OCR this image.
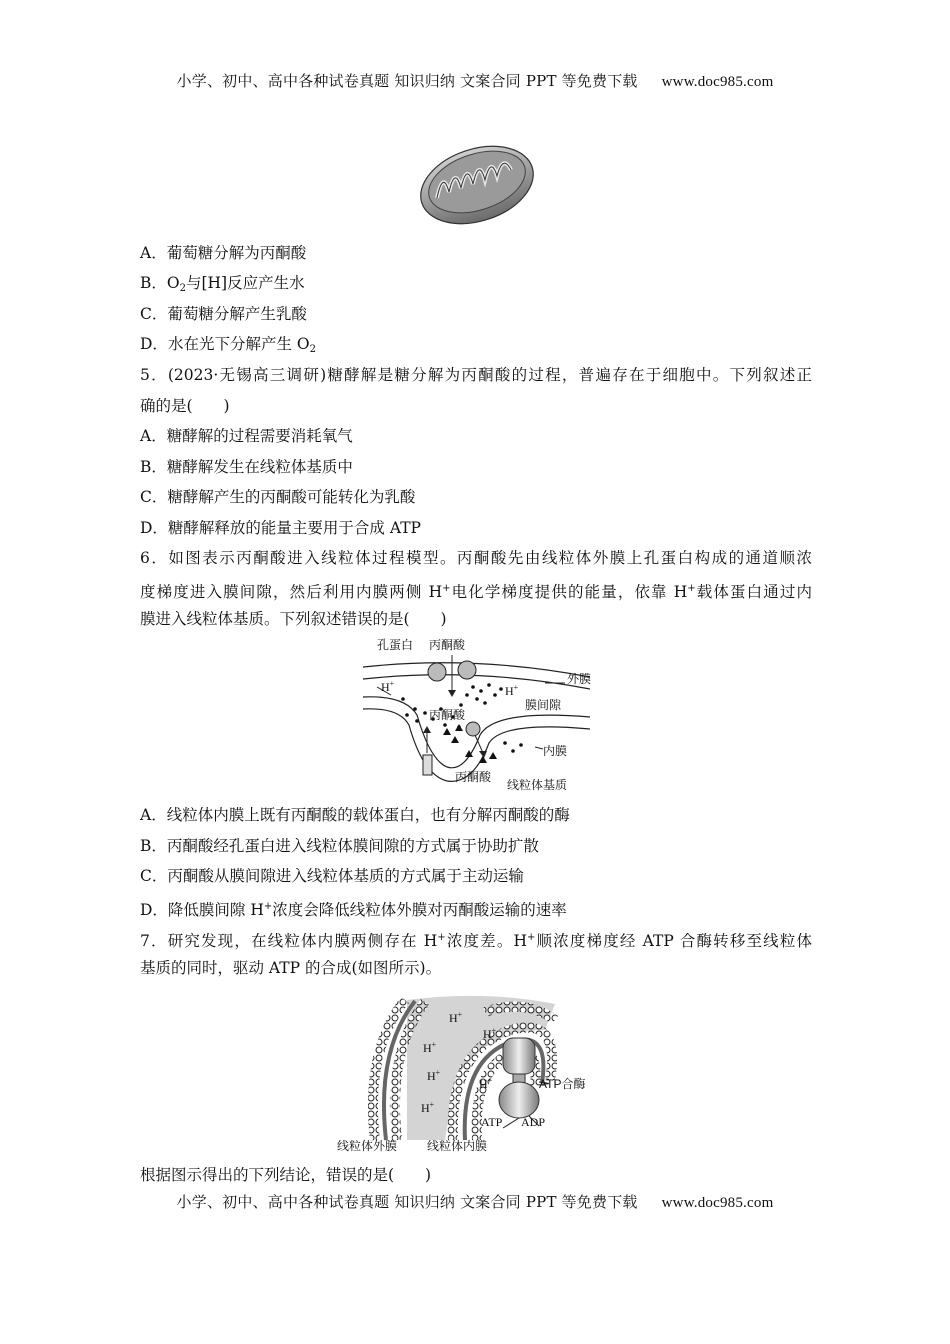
小学、初中、高中各种试卷真题 知识归纳 文案合同 PPT 等免费下载 www.doc985.com
A．葡萄糖分解为丙酮酸
B．$O_2$与[H]反应产生水
C．葡萄糖分解产生乳酸
D．水在光下分解产生 $O_2$
5．(2023·无锡高三调研)糖酵解是糖分解为丙酮酸的过程，普遍存在于细胞中。下列叙述正
确的是(　　)
A．糖酵解的过程需要消耗氧气
B．糖酵解发生在线粒体基质中
C．糖酵解产生的丙酮酸可能转化为乳酸
D．糖酵解释放的能量主要用于合成 ATP
6．如图表示丙酮酸进入线粒体过程模型。丙酮酸先由线粒体外膜上孔蛋白构成的通道顺浓
度梯度进入膜间隙，然后利用内膜两侧 H+电化学梯度提供的能量，依靠 H+载体蛋白通过内
膜进入线粒体基质。下列叙述错误的是(　　)
孔蛋白 丙酮酸
外膜
H+
H+
膜间隙
丙酮酸
内膜
丙酮酸
线粒体基质
A．线粒体内膜上既有丙酮酸的载体蛋白，也有分解丙酮酸的酶
B．丙酮酸经孔蛋白进入线粒体膜间隙的方式属于协助扩散
C．丙酮酸从膜间隙进入线粒体基质的方式属于主动运输
D．降低膜间隙 H+浓度会降低线粒体外膜对丙酮酸运输的速率
7．研究发现，在线粒体内膜两侧存在 H+浓度差。H+顺浓度梯度经 ATP 合酶转移至线粒体
基质的同时，驱动 ATP 的合成(如图所示)。
H+
H+
H+
H+
H+
H+	ATP合酶
ATP ADP
线粒体外膜 线粒体内膜
根据图示得出的下列结论，错误的是(　　)
小学、初中、高中各种试卷真题 知识归纳 文案合同 PPT 等免费下载 www.doc985.com
